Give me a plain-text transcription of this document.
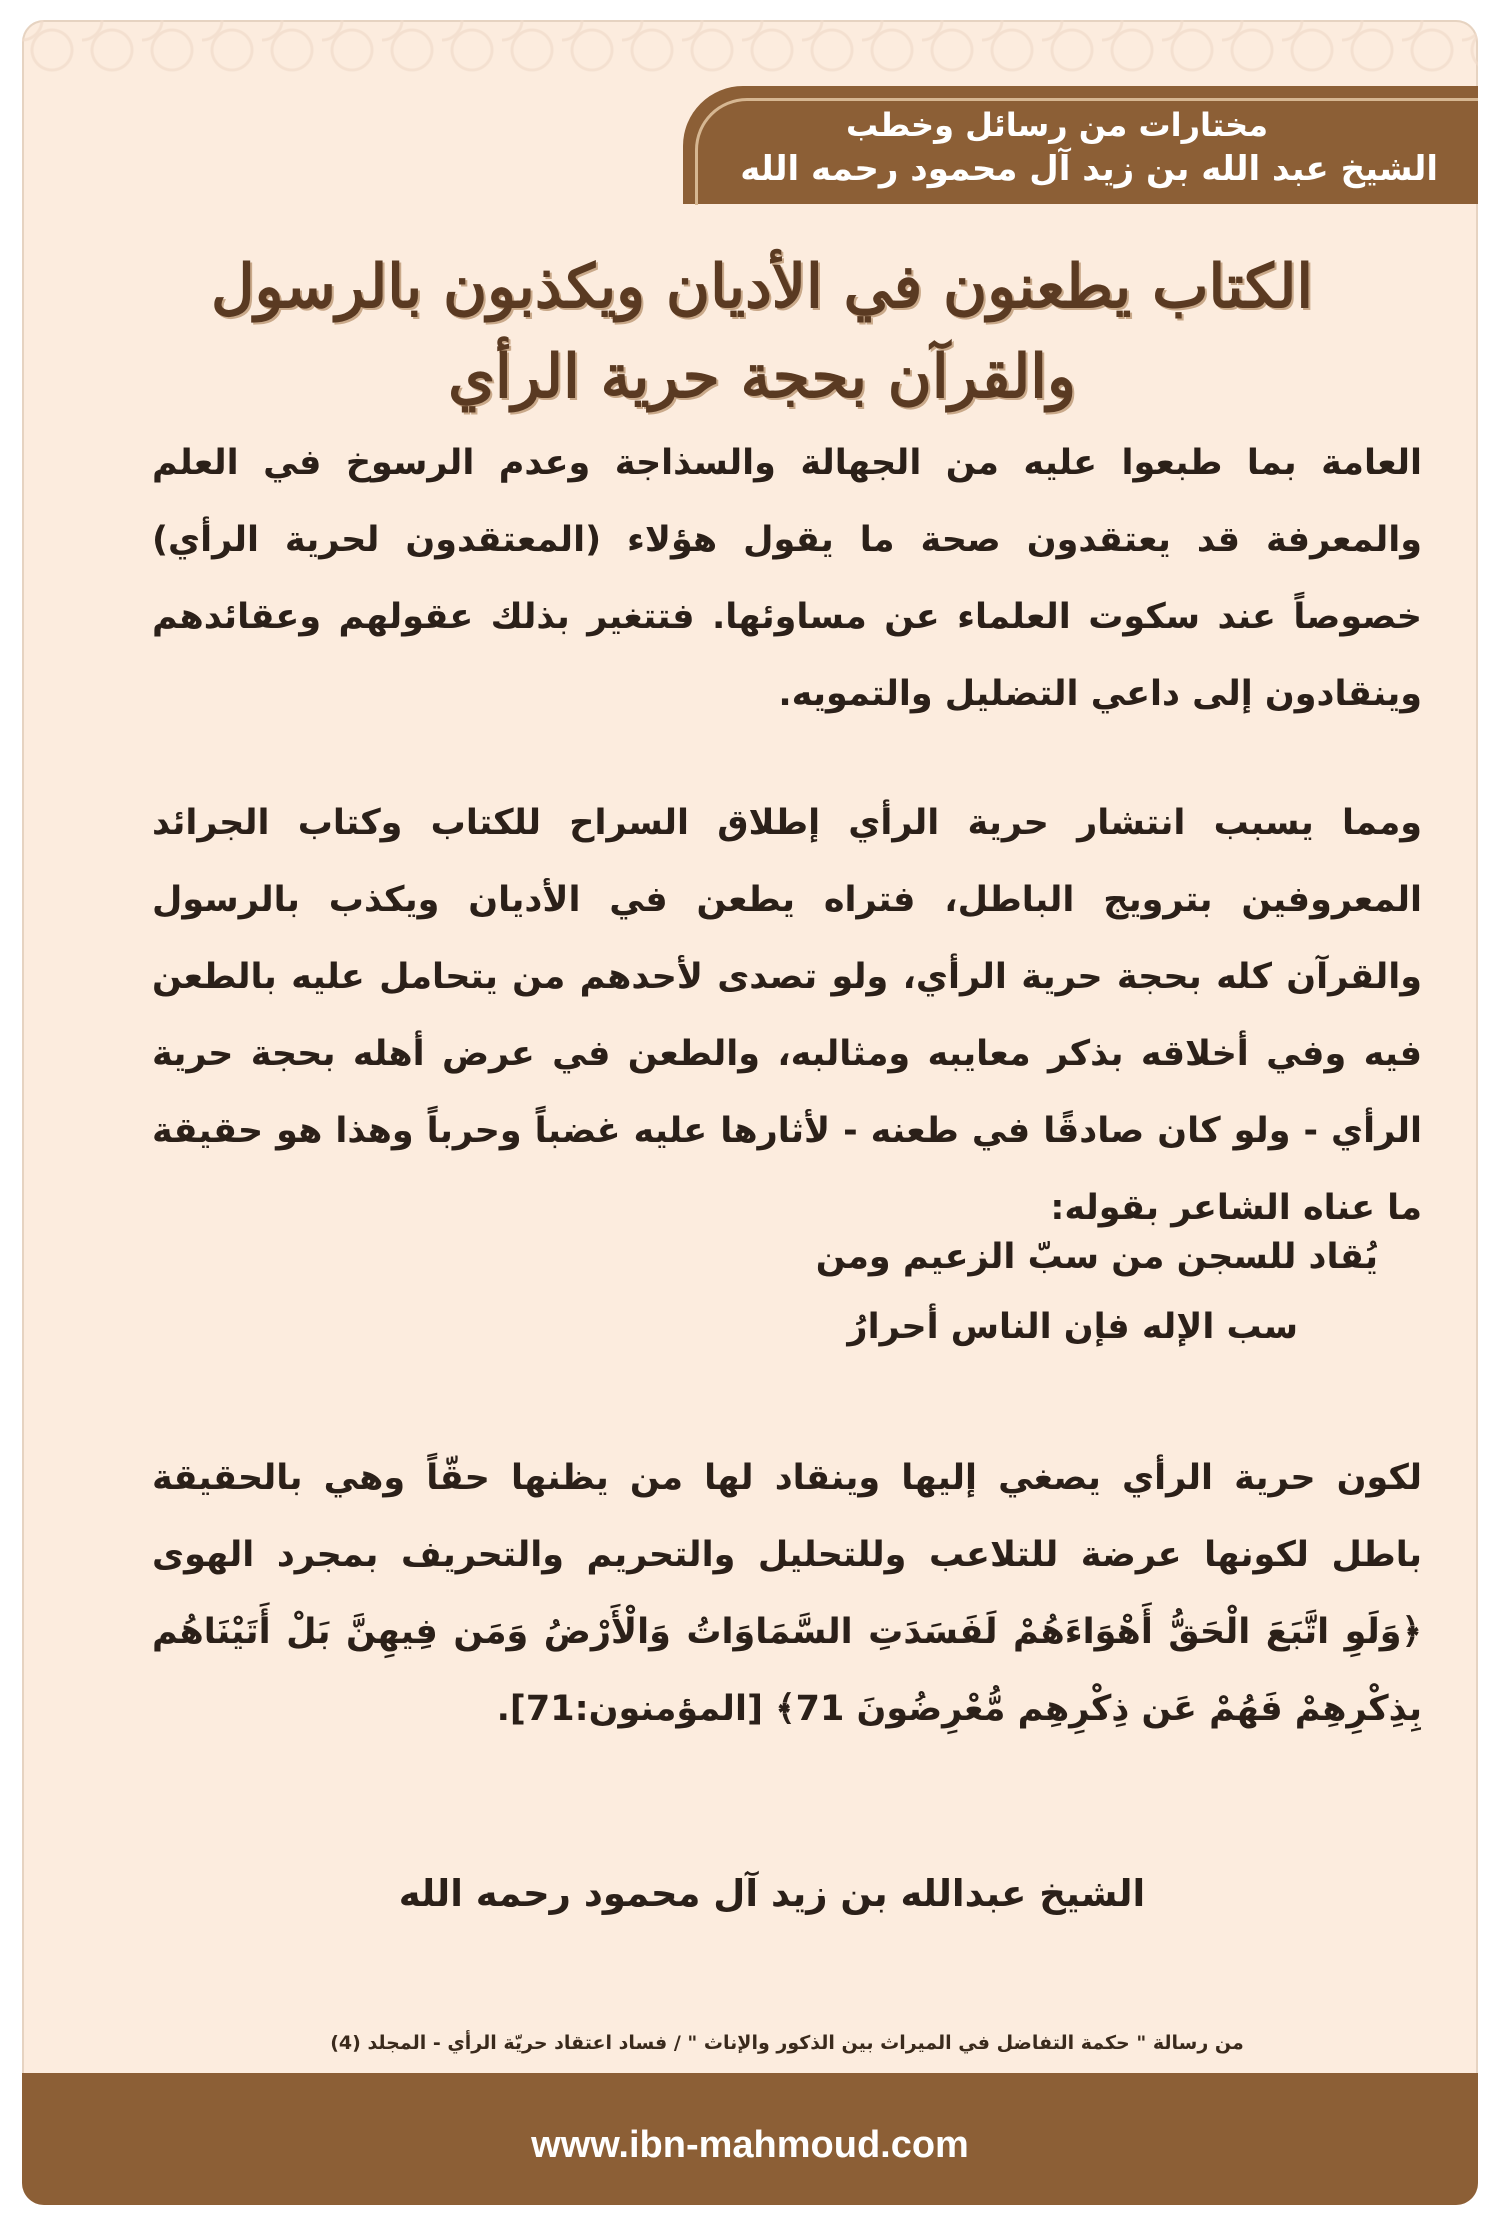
مختارات من رسائل وخطب
الشيخ عبد الله بن زيد آل محمود رحمه الله
الكتاب يطعنون في الأديان ويكذبون بالرسول والقرآن بحجة حرية الرأي
العامة بما طبعوا عليه من الجهالة والسذاجة وعدم الرسوخ في العلم والمعرفة قد يعتقدون صحة ما يقول هؤلاء (المعتقدون لحرية الرأي) خصوصاً عند سكوت العلماء عن مساوئها. فتتغير بذلك عقولهم وعقائدهم وينقادون إلى داعي التضليل والتمويه.
ومما يسبب انتشار حرية الرأي إطلاق السراح للكتاب وكتاب الجرائد المعروفين بترويج الباطل، فتراه يطعن في الأديان ويكذب بالرسول والقرآن كله بحجة حرية الرأي، ولو تصدى لأحدهم من يتحامل عليه بالطعن فيه وفي أخلاقه بذكر معايبه ومثالبه، والطعن في عرض أهله بحجة حرية الرأي - ولو كان صادقًا في طعنه - لأثارها عليه غضباً وحرباً وهذا هو حقيقة ما عناه الشاعر بقوله:
يُقاد للسجن من سبّ الزعيم ومن
سب الإله فإن الناس أحرارُ
لكون حرية الرأي يصغي إليها وينقاد لها من يظنها حقّاً وهي بالحقيقة باطل لكونها عرضة للتلاعب وللتحليل والتحريم والتحريف بمجرد الهوى ﴿وَلَوِ اتَّبَعَ الْحَقُّ أَهْوَاءَهُمْ لَفَسَدَتِ السَّمَاوَاتُ وَالْأَرْضُ وَمَن فِيهِنَّ بَلْ أَتَيْنَاهُم بِذِكْرِهِمْ فَهُمْ عَن ذِكْرِهِم مُّعْرِضُونَ 71﴾ [المؤمنون:71].
الشيخ عبدالله بن زيد آل محمود رحمه الله
من رسالة " حكمة التفاضل في الميراث بين الذكور والإناث " / فساد اعتقاد حريّة الرأي - المجلد (4)
www.ibn-mahmoud.com
